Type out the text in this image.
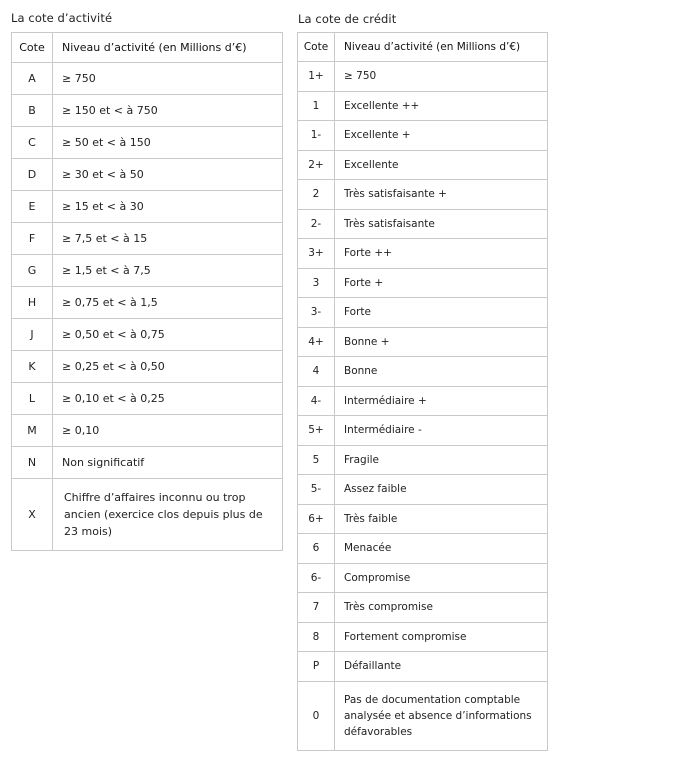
La cote d’activité
Cote	Niveau d’activité (en Millions d’€)
A	≥ 750
B	≥ 150 et < à 750
C	≥ 50 et < à 150
D	≥ 30 et < à 50
E	≥ 15 et < à 30
F	≥ 7,5 et < à 15
G	≥ 1,5 et < à 7,5
H	≥ 0,75 et < à 1,5
J	≥ 0,50 et < à 0,75
K	≥ 0,25 et < à 0,50
L	≥ 0,10 et < à 0,25
M	≥ 0,10
N	Non significatif
X	Chiffre d’affaires inconnu ou trop ancien (exercice clos depuis plus de 23 mois)
La cote de crédit
Cote	Niveau d’activité (en Millions d’€)
1+	≥ 750
1	Excellente ++
1-	Excellente +
2+	Excellente
2	Très satisfaisante +
2-	Très satisfaisante
3+	Forte ++
3	Forte +
3-	Forte
4+	Bonne +
4	Bonne
4-	Intermédiaire +
5+	Intermédiaire -
5	Fragile
5-	Assez faible
6+	Très faible
6	Menacée
6-	Compromise
7	Très compromise
8	Fortement compromise
P	Défaillante
0	Pas de documentation comptable analysée et absence d’informations défavorables
